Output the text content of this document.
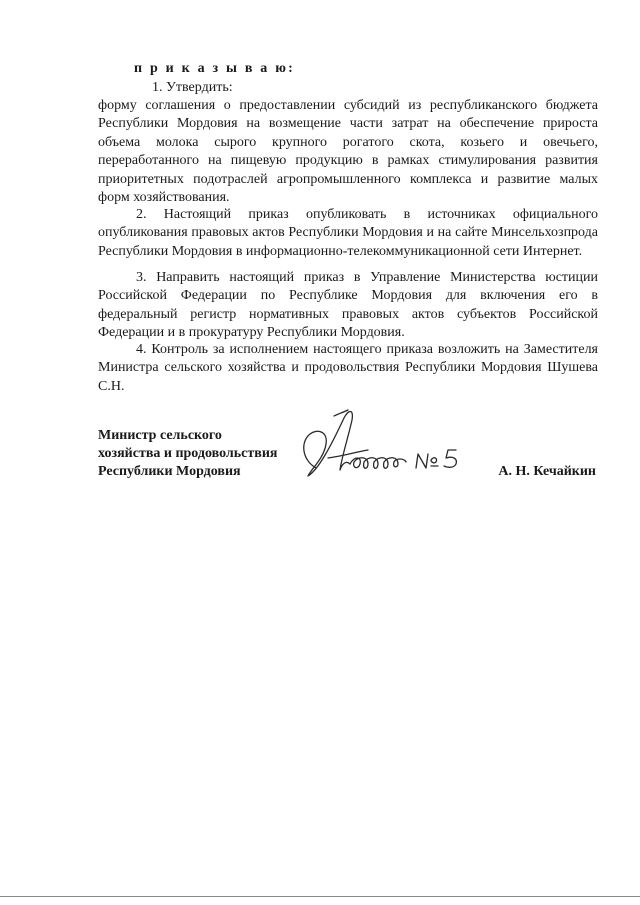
п р и к а з ы в а ю:
1. Утвердить:

форму соглашения о предоставлении субсидий из республиканского бюджета Республики Мордовия на возмещение части затрат на обеспечение прироста объема молока сырого крупного рогатого скота, козьего и овечьего, переработанного на пищевую продукцию в рамках стимулирования развития приоритетных подотраслей агропромышленного комплекса и развитие малых форм хозяйствования.

2. Настоящий приказ опубликовать в источниках официального опубликования правовых актов Республики Мордовия и на сайте Минсельхозпрода Республики Мордовия в информационно-телекоммуникационной сети Интернет.

3. Направить настоящий приказ в Управление Министерства юстиции Российской Федерации по Республике Мордовия для включения его в федеральный регистр нормативных правовых актов субъектов Российской Федерации и в прокуратуру Республики Мордовия.

4. Контроль за исполнением настоящего приказа возложить на Заместителя Министра сельского хозяйства и продовольствия Республики Мордовия Шушева С.Н.

Министр сельского
хозяйства и продовольствия
Республики Мордовия	А. Н. Кечайкин
